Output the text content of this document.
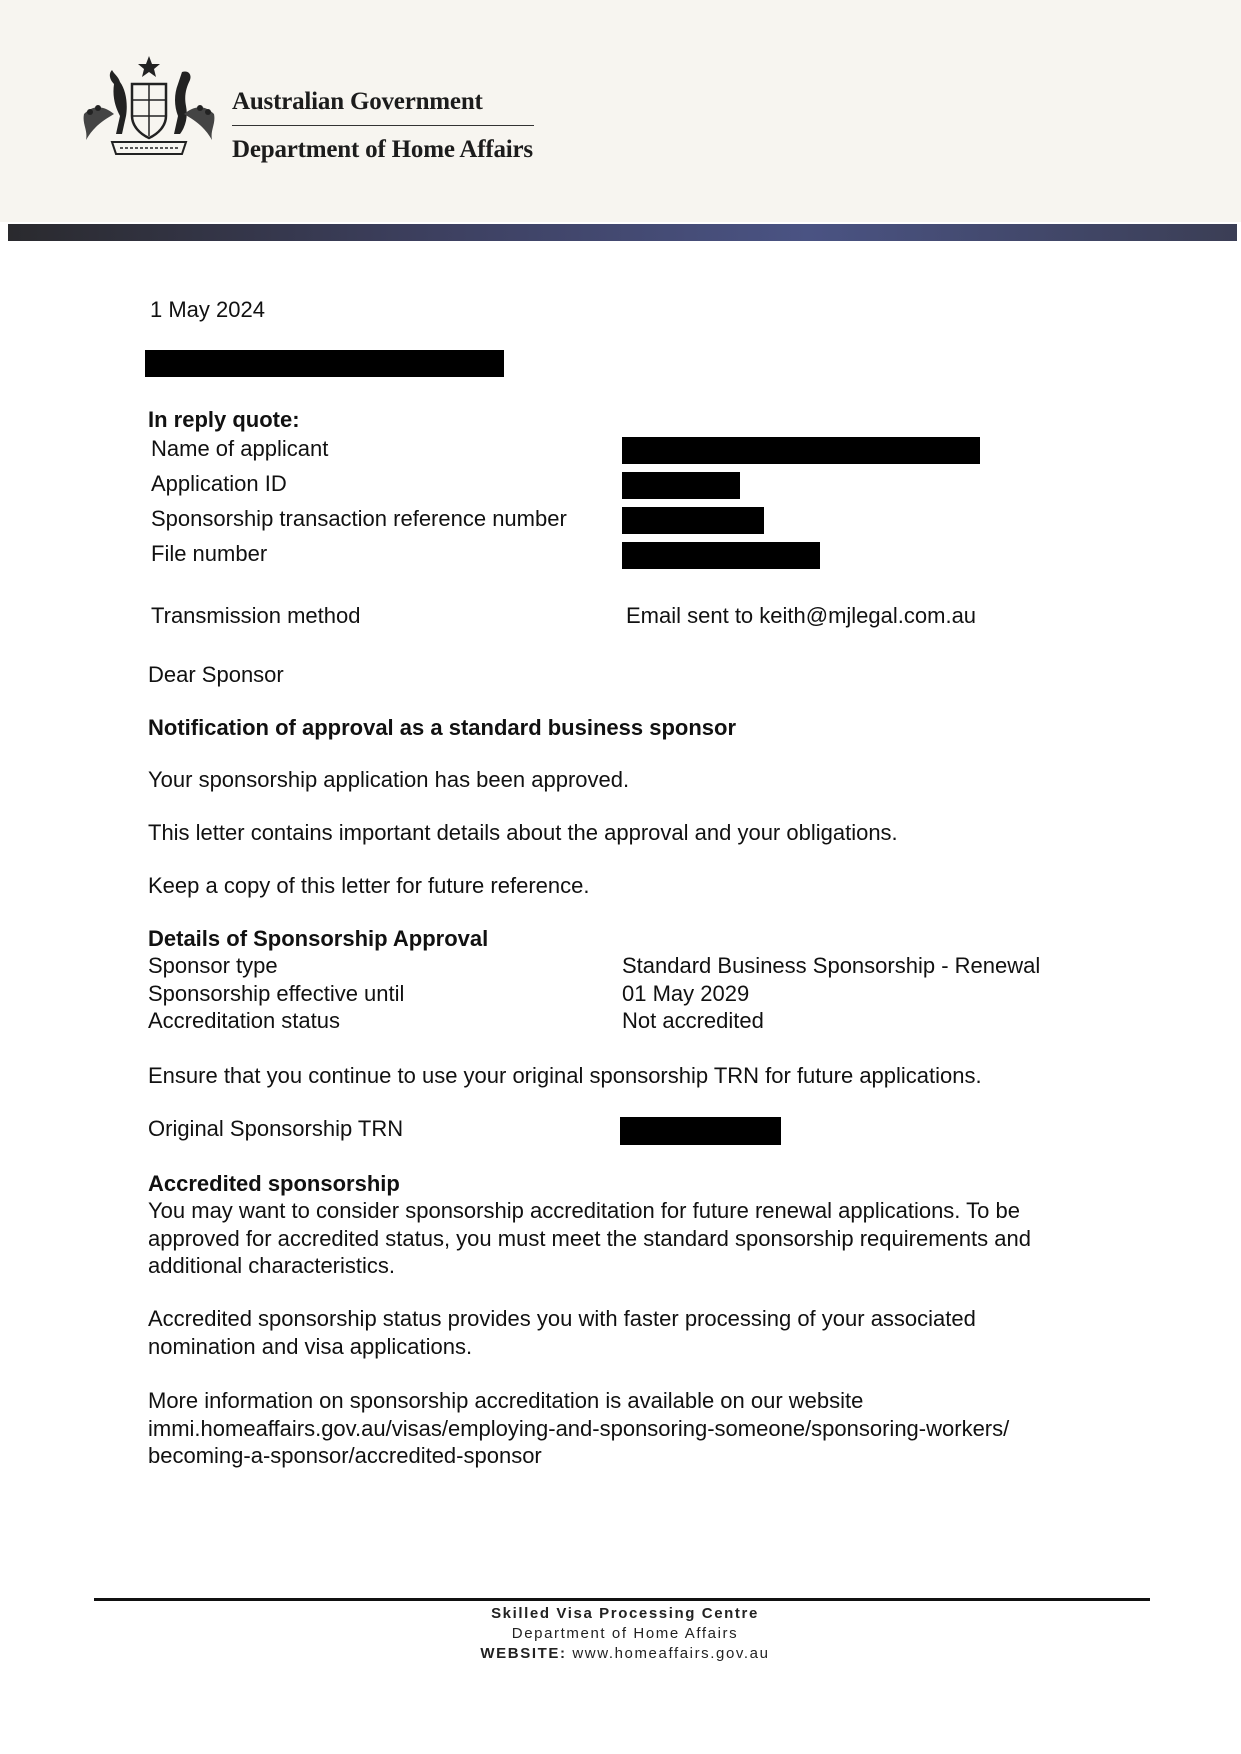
Australian Government
Department of Home Affairs
1 May 2024
In reply quote:
Name of applicant
Application ID
Sponsorship transaction reference number
File number
Transmission method	Email sent to keith@mjlegal.com.au
Dear Sponsor
Notification of approval as a standard business sponsor
Your sponsorship application has been approved.
This letter contains important details about the approval and your obligations.
Keep a copy of this letter for future reference.
Details of Sponsorship Approval
Sponsor type	Standard Business Sponsorship - Renewal
Sponsorship effective until	01 May 2029
Accreditation status	Not accredited
Ensure that you continue to use your original sponsorship TRN for future applications.
Original Sponsorship TRN
Accredited sponsorship
You may want to consider sponsorship accreditation for future renewal applications. To be approved for accredited status, you must meet the standard sponsorship requirements and additional characteristics.
Accredited sponsorship status provides you with faster processing of your associated nomination and visa applications.
More information on sponsorship accreditation is available on our website
immi.homeaffairs.gov.au/visas/employing-and-sponsoring-someone/sponsoring-workers/ becoming-a-sponsor/accredited-sponsor
Skilled Visa Processing Centre
Department of Home Affairs
WEBSITE: www.homeaffairs.gov.au
